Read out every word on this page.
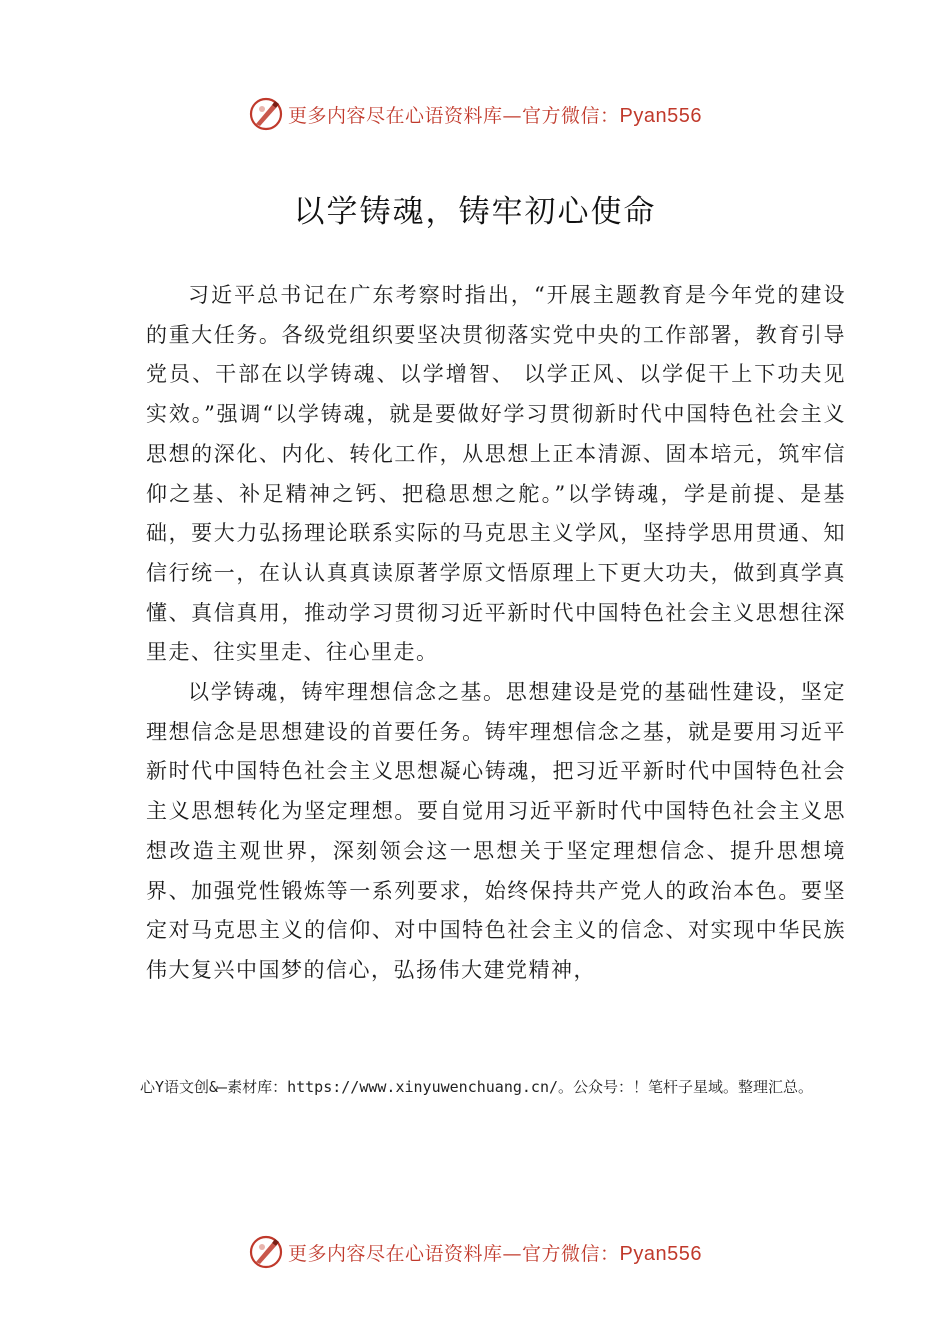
更多内容尽在心语资料库—官方微信：Pyan556
以学铸魂，铸牢初心使命

习近平总书记在广东考察时指出，“开展主题教育是今年党的建设的重大任务。各级党组织要坚决贯彻落实党中央的工作部署，教育引导党员、干部在以学铸魂、以学增智、 以学正风、以学促干上下功夫见实效。”强调“以学铸魂，就是要做好学习贯彻新时代中国特色社会主义思想的深化、内化、转化工作，从思想上正本清源、固本培元，筑牢信仰之基、补足精神之钙、把稳思想之舵。”以学铸魂，学是前提、是基础，要大力弘扬理论联系实际的马克思主义学风，坚持学思用贯通、知信行统一，在认认真真读原著学原文悟原理上下更大功夫，做到真学真懂、真信真用，推动学习贯彻习近平新时代中国特色社会主义思想往深里走、往实里走、往心里走。

以学铸魂，铸牢理想信念之基。思想建设是党的基础性建设，坚定理想信念是思想建设的首要任务。铸牢理想信念之基，就是要用习近平新时代中国特色社会主义思想凝心铸魂，把习近平新时代中国特色社会主义思想转化为坚定理想。要自觉用习近平新时代中国特色社会主义思想改造主观世界，深刻领会这一思想关于坚定理想信念、提升思想境界、加强党性锻炼等一系列要求，始终保持共产党人的政治本色。要坚定对马克思主义的信仰、对中国特色社会主义的信念、对实现中华民族伟大复兴中国梦的信心，弘扬伟大建党精神，

心Y语文创&—素材库：https://www.xinyuwenchuang.cn/。公众号：！笔杆子星域。整理汇总。
更多内容尽在心语资料库—官方微信：Pyan556
